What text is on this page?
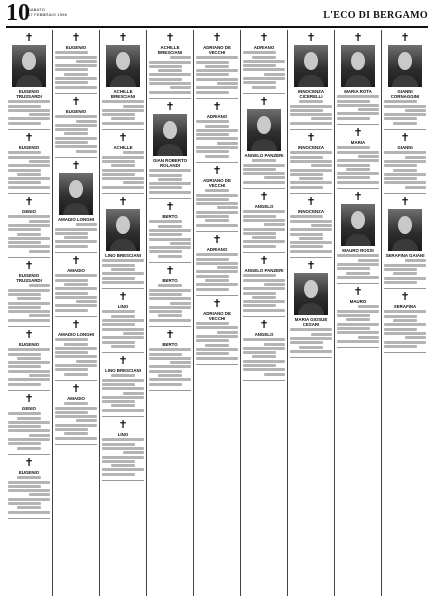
10
SABATO
17 FEBBRAIO 1996	L'ECO DI BERGAMO
✝
EUGENIO TRUSSARDI
✝
EUGENIO
✝
GENIO
✝
EUGENIO TRUSSARDI
✝
EUGENIO
✝
GENIO
✝
EUGENIO
✝
EUGENIO
✝
EUGENIO
✝
AMADIO LONGHI
✝
AMADIO
✝
AMADIO LONGHI
✝
AMADIO
✝
ACHILLE BRESCIANI
✝
ACHILLE
✝
LINO BRESCIANI
✝
LINO
✝
LINO BRESCIANI
✝
LINO
✝
ACHILLE BRESCIANI
✝
GIAN ROBERTO ROLANDI
✝
BERTO
✝
BERTO
✝
BERTO
✝
ADRIANO DE VECCHI
✝
ADRIANO
✝
ADRIANO DE VECCHI
✝
ADRIANO
✝
ADRIANO DE VECCHI
✝
ADRIANO
✝
ANGELO PANZERI
✝
ANGELO
✝
ANGELO PANZERI
✝
ANGELO
✝
INNOCENZA CICERELLI
✝
INNOCENZA
✝
INNOCENZA
✝
MARIA GIOSUE CESARI
✝
MARIA ROTA
✝
MARIA
✝
MAURO ROSSI
✝
MAURO
✝
GIANNI CORNAGGINI
✝
GIANNI
✝
SERAFINA GAIANI
✝
SERAFINA
